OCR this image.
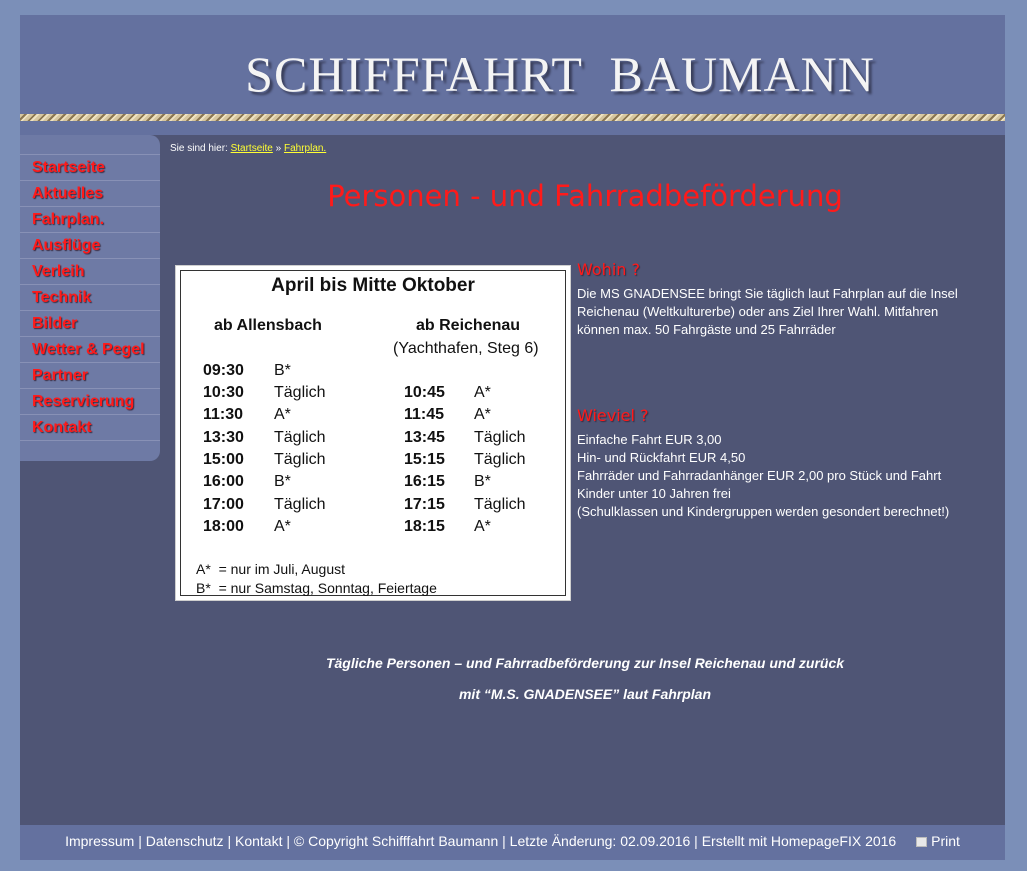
SCHIFFFAHRT BAUMANN
Startseite
Aktuelles
Fahrplan.
Ausflüge
Verleih
Technik
Bilder
Wetter & Pegel
Partner
Reservierung
Kontakt
Sie sind hier: Startseite » Fahrplan.
Personen - und Fahrradbeförderung
April bis Mitte Oktober
ab Allensbach	ab Reichenau
(Yachthafen, Steg 6)
09:30 B*
10:30 Täglich
11:30 A*
13:30 Täglich
15:00 Täglich
16:00 B*
17:00 Täglich
18:00 A*
10:45 A*
11:45 A*
13:45 Täglich
15:15 Täglich
16:15 B*
17:15 Täglich
18:15 A*
A*  = nur im Juli, August
B*  = nur Samstag, Sonntag, Feiertage
Wohin ?
Die MS GNADENSEE bringt Sie täglich laut Fahrplan auf die Insel
Reichenau (Weltkulturerbe) oder ans Ziel Ihrer Wahl. Mitfahren
können max. 50 Fahrgäste und 25 Fahrräder
Wieviel ?
Einfache Fahrt EUR 3,00
Hin- und Rückfahrt EUR 4,50
Fahrräder und Fahrradanhänger EUR 2,00 pro Stück und Fahrt
Kinder unter 10 Jahren frei
(Schulklassen und Kindergruppen werden gesondert berechnet!)
Tägliche Personen – und Fahrradbeförderung zur Insel Reichenau und zurück
mit “M.S. GNADENSEE” laut Fahrplan
Impressum | Datenschutz | Kontakt | © Copyright Schifffahrt Baumann | Letzte Änderung: 02.09.2016 | Erstellt mit HomepageFIX 2016 Print
